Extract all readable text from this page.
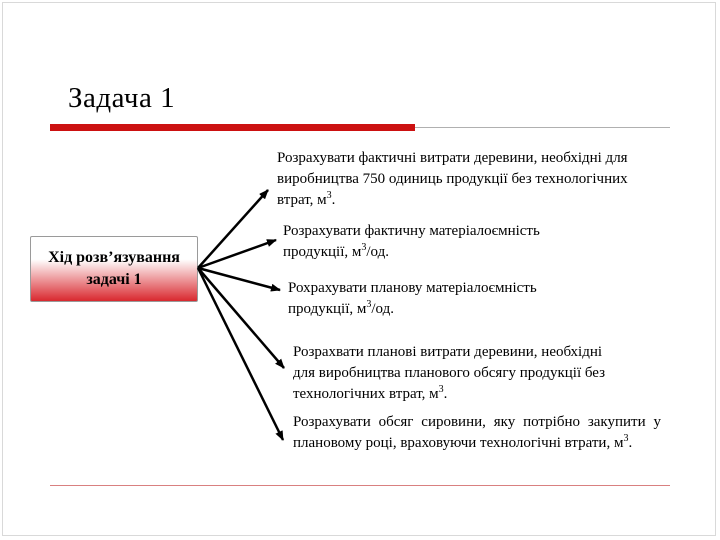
Задача 1
Хід розв’язування
задачі 1
Розрахувати фактичні витрати деревини, необхідні для
виробництва 750 одиниць продукції без технологічних
втрат, $м^3$.
Розрахувати фактичну матеріалоємність
продукції, $м^3/од$.
Рохрахувати планову матеріалоємність
продукції, $м^3/од$.
Розрахвати планові витрати деревини, необхідні
для виробництва планового обсягу продукції без
технологічних втрат, $м^3$.
Розрахувати обсяг сировини, яку потрібно закупити у плановому році, враховуючи технологічні втрати, $м^3$.
